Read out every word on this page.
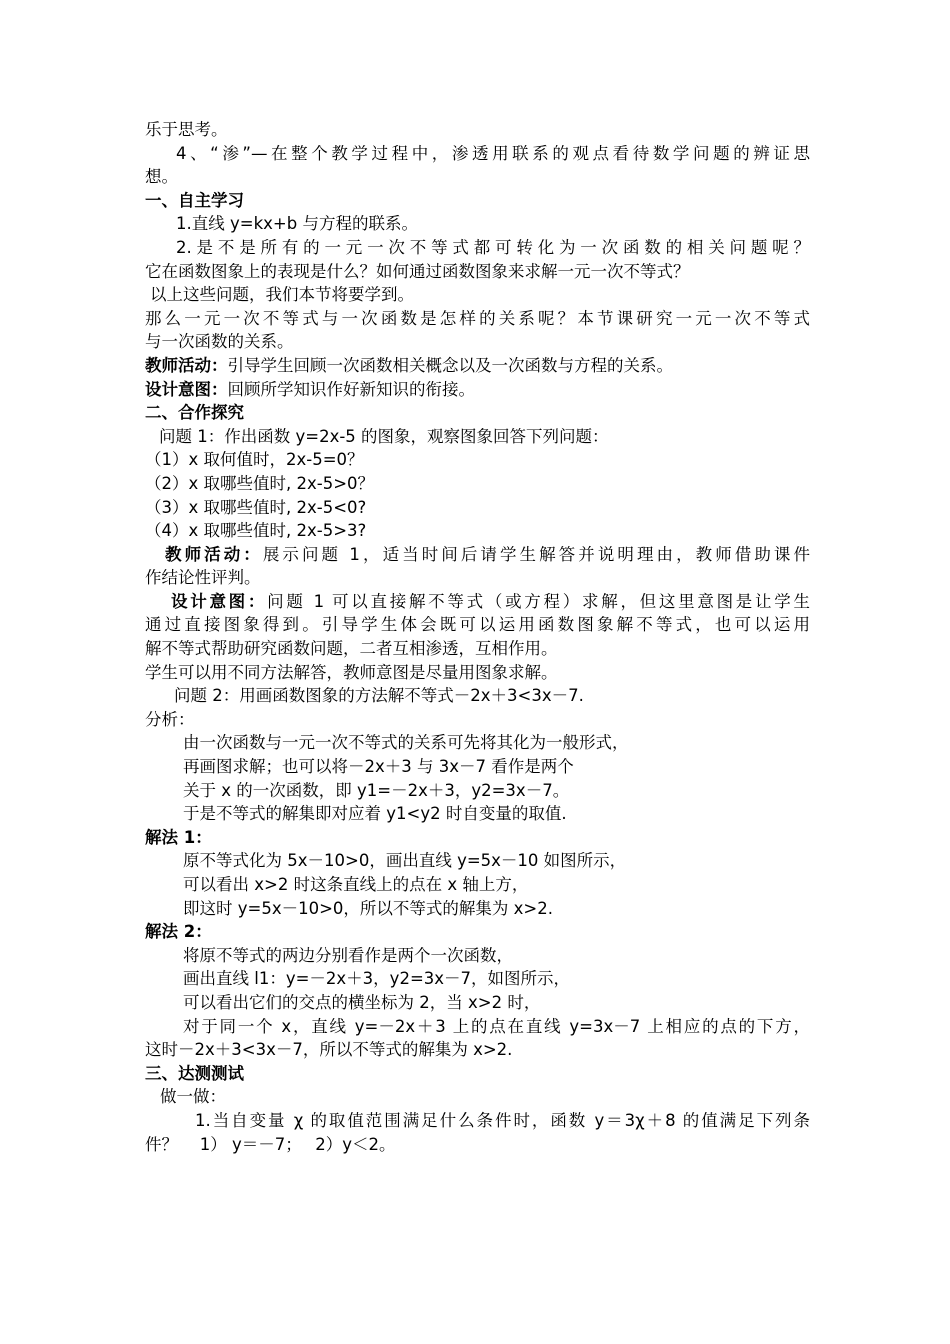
乐于思考。
4、“渗”—在整个教学过程中，渗透用联系的观点看待数学问题的辨证思
想。
一、自主学习
1.直线 y=kx+b 与方程的联系。
2.是不是所有的一元一次不等式都可转化为一次函数的相关问题呢？
它在函数图象上的表现是什么？如何通过函数图象来求解一元一次不等式？
以上这些问题，我们本节将要学到。
那么一元一次不等式与一次函数是怎样的关系呢？本节课研究一元一次不等式
与一次函数的关系。
教师活动：引导学生回顾一次函数相关概念以及一次函数与方程的关系。
设计意图：回顾所学知识作好新知识的衔接。
二、合作探究
问题 1：作出函数 y=2x-5 的图象，观察图象回答下列问题：
（1）x 取何值时，2x-5=0？
（2）x 取哪些值时, 2x-5>0？
（3）x 取哪些值时, 2x-5<0?
（4）x 取哪些值时, 2x-5>3?
教师活动：展示问题 1，适当时间后请学生解答并说明理由，教师借助课件
作结论性评判。
设计意图：问题 1 可以直接解不等式（或方程）求解，但这里意图是让学生
通过直接图象得到。引导学生体会既可以运用函数图象解不等式，也可以运用
解不等式帮助研究函数问题，二者互相渗透，互相作用。
学生可以用不同方法解答，教师意图是尽量用图象求解。
问题 2：用画函数图象的方法解不等式－2x＋3<3x－7.
分析：
由一次函数与一元一次不等式的关系可先将其化为一般形式，
再画图求解；也可以将－2x＋3 与 3x－7 看作是两个
关于 x 的一次函数，即 y1=－2x＋3，y2=3x－7。
于是不等式的解集即对应着 y1<y2 时自变量的取值.
解法 1：
原不等式化为 5x－10>0，画出直线 y=5x－10 如图所示，
可以看出 x>2 时这条直线上的点在 x 轴上方，
即这时 y=5x－10>0，所以不等式的解集为 x>2.
解法 2：
将原不等式的两边分别看作是两个一次函数，
画出直线 l1：y=－2x＋3，y2=3x－7，如图所示，
可以看出它们的交点的横坐标为 2，当 x>2 时，
对于同一个 x，直线 y=－2x＋3 上的点在直线 y=3x－7 上相应的点的下方，
这时－2x＋3<3x－7，所以不等式的解集为 x>2.
三、达测测试
做一做：
1.当自变量 χ 的取值范围满足什么条件时，函数 y＝3χ＋8 的值满足下列条
件？　 1） y＝－7；　 2）y＜2。
